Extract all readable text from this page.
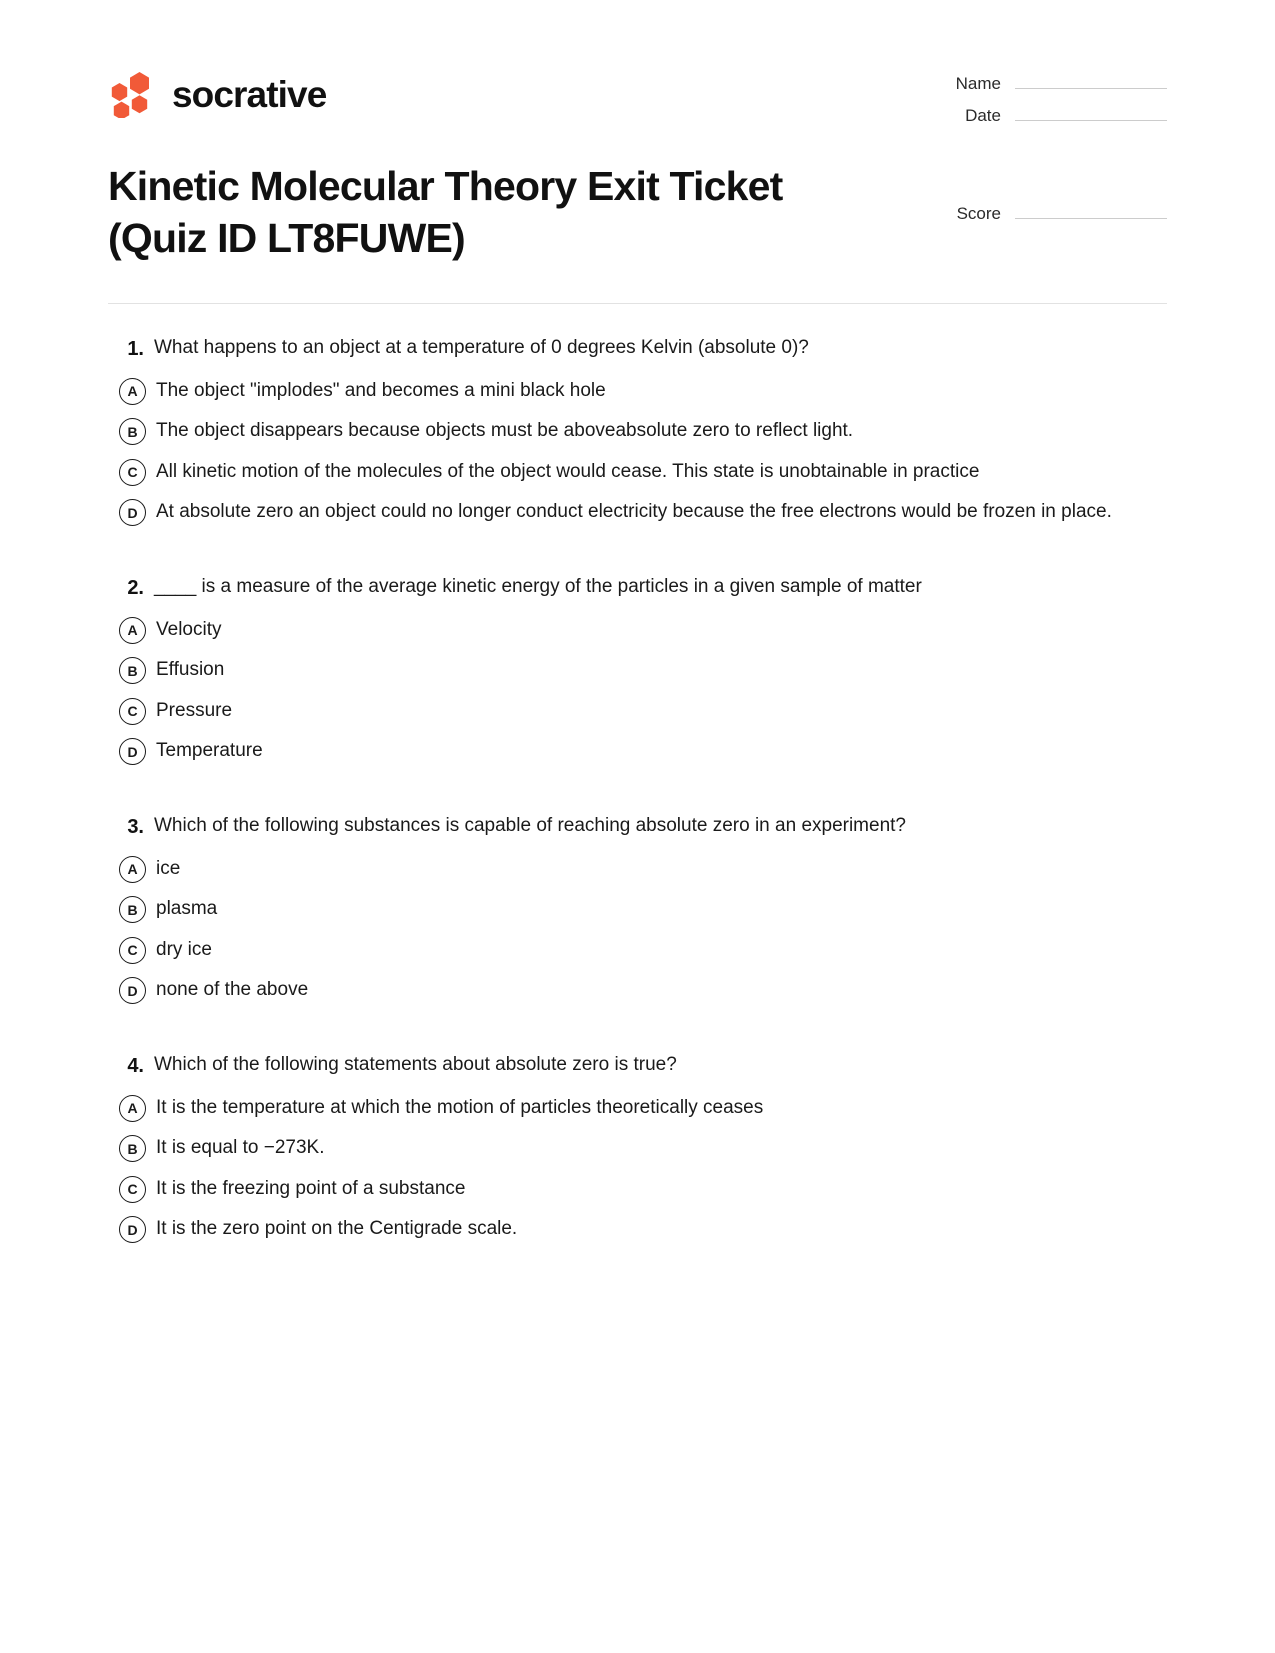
socrative	Name
Date
Kinetic Molecular Theory Exit Ticket (Quiz ID LT8FUWE)
Score
1. What happens to an object at a temperature of 0 degrees Kelvin (absolute 0)?
A The object "implodes" and becomes a mini black hole
B The object disappears because objects must be aboveabsolute zero to reflect light.
C All kinetic motion of the molecules of the object would cease. This state is unobtainable in practice
D At absolute zero an object could no longer conduct electricity because the free electrons would be frozen in place.
2. ____ is a measure of the average kinetic energy of the particles in a given sample of matter
A Velocity
B Effusion
C Pressure
D Temperature
3. Which of the following substances is capable of reaching absolute zero in an experiment?
A ice
B plasma
C dry ice
D none of the above
4. Which of the following statements about absolute zero is true?
A It is the temperature at which the motion of particles theoretically ceases
B It is equal to −273K.
C It is the freezing point of a substance
D It is the zero point on the Centigrade scale.
